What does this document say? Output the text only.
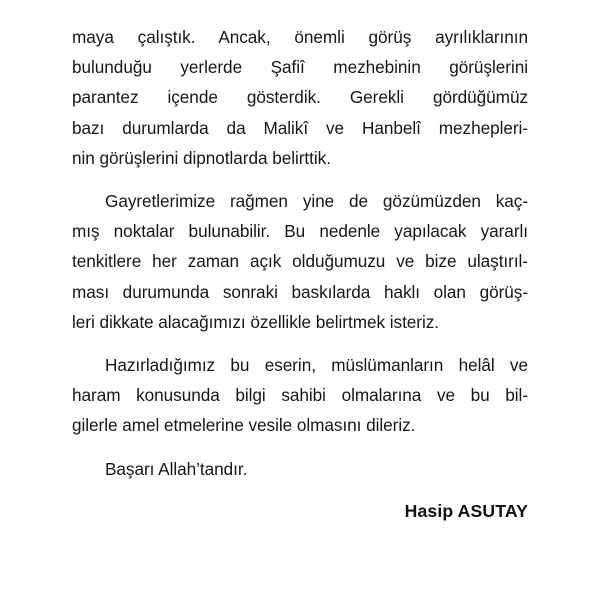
maya çalıştık. Ancak, önemli görüş ayrılıklarının
bulunduğu yerlerde Şafiî mezhebinin görüşlerini
parantez içende gösterdik. Gerekli gördüğümüz
bazı durumlarda da Malikî ve Hanbelî mezhepleri-
nin görüşlerini dipnotlarda belirttik.

Gayretlerimize rağmen yine de gözümüzden kaç-
mış noktalar bulunabilir. Bu nedenle yapılacak yararlı
tenkitlere her zaman açık olduğumuzu ve bize ulaştırıl-
ması durumunda sonraki baskılarda haklı olan görüş-
leri dikkate alacağımızı özellikle belirtmek isteriz.

Hazırladığımız bu eserin, müslümanların helâl ve
haram konusunda bilgi sahibi olmalarına ve bu bil-
gilerle amel etmelerine vesile olmasını dileriz.

Başarı Allah’tandır.

Hasip ASUTAY
